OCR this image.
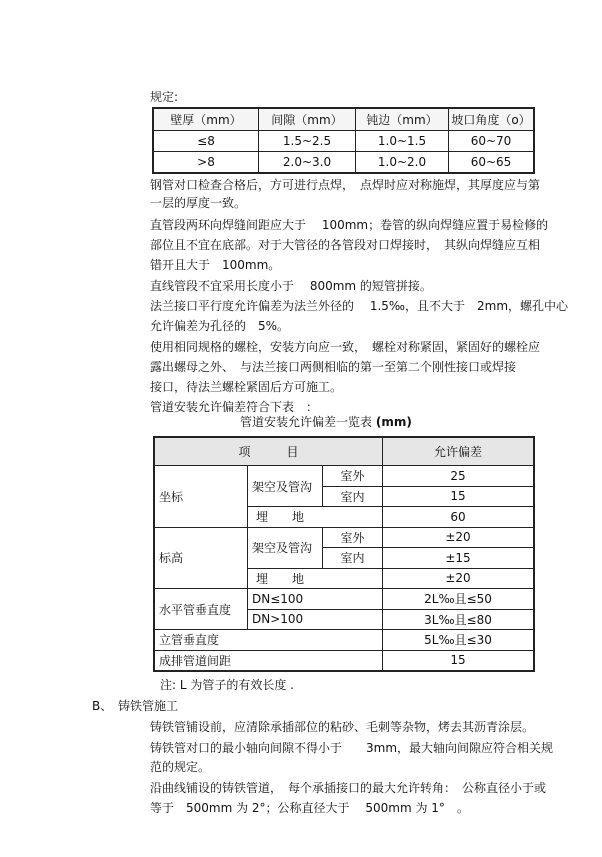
规定:

壁厚（mm）	间隙（mm）	钝边（mm）	坡口角度（o）
≤8	1.5~2.5	1.0~1.5	60~70
>8	2.0~3.0	1.0~2.0	60~65

钢管对口检查合格后，方可进行点焊，　点焊时应对称施焊，其厚度应与第

一层的厚度一致。

直管段两环向焊缝间距应大于　 100mm；卷管的纵向焊缝应置于易检修的

部位且不宜在底部。对于大管径的各管段对口焊接时，　其纵向焊缝应互相

错开且大于　100mm。

直线管段不宜采用长度小于　 800mm 的短管拼接。

法兰接口平行度允许偏差为法兰外径的　 1.5‰，且不大于　2mm，螺孔中心

允许偏差为孔径的　5%。

使用相同规格的螺栓，安装方向应一致，　螺栓对称紧固，紧固好的螺栓应

露出螺母之外、　与法兰接口两侧相临的第一至第二个刚性接口或焊接

接口，待法兰螺栓紧固后方可施工。

管道安装允许偏差符合下表　：

管道安装允许偏差一览表 (mm)
项　　　目			允许偏差
坐标	架空及管沟	室外	25
		室内	15
	埋　　地		60
标高	架空及管沟	室外	±20
		室内	±15
	埋　　地		±20
水平管垂直度	DN≤100		2L‰且≤50
	DN>100		3L‰且≤80
立管垂直度			5L‰且≤30
成排管道间距			15

注: L 为管子的有效长度 .

B、 铸铁管施工

铸铁管铺设前，应清除承插部位的粘砂、毛刺等杂物，烤去其沥青涂层。

铸铁管对口的最小轴向间隙不得小于　　3mm，最大轴向间隙应符合相关规

范的规定。

沿曲线铺设的铸铁管道，　每个承插接口的最大允许转角：　公称直径小于或

等于　500mm 为 2°；公称直径大于　 500mm 为 1°　。
